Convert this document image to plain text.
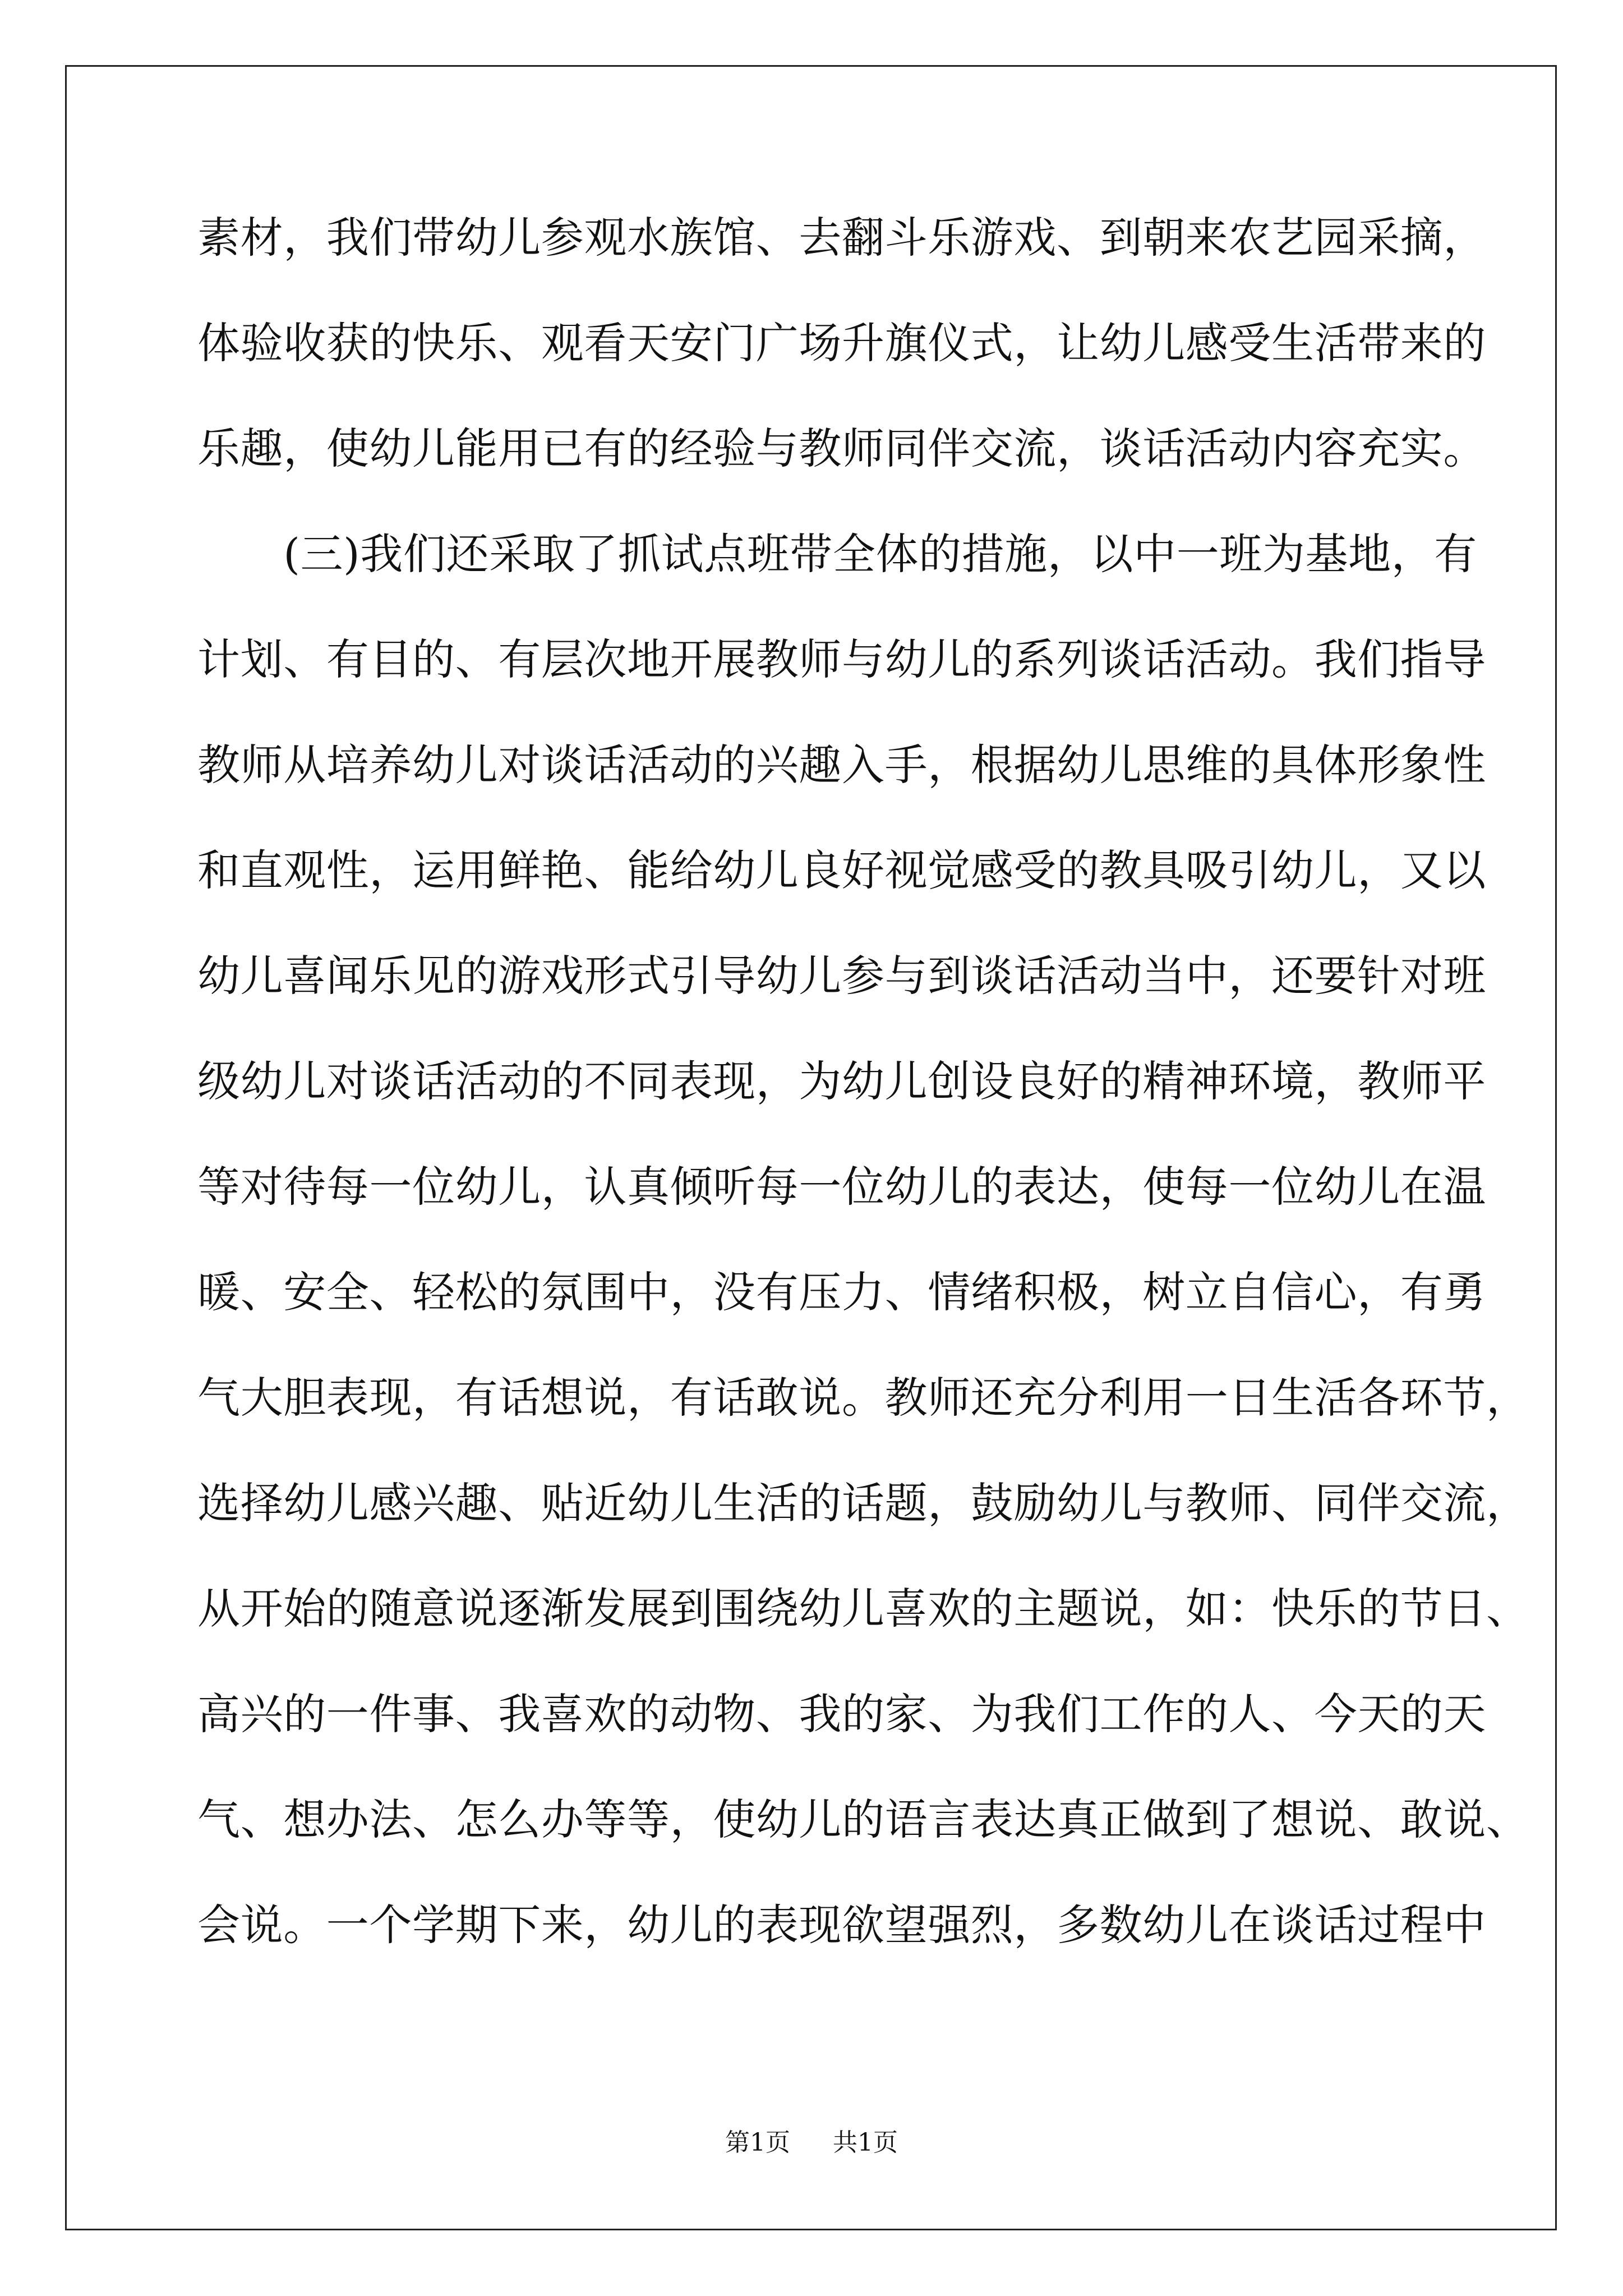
素材，我们带幼儿参观水族馆、去翻斗乐游戏、到朝来农艺园采摘，
体验收获的快乐、观看天安门广场升旗仪式，让幼儿感受生活带来的
乐趣，使幼儿能用已有的经验与教师同伴交流，谈话活动内容充实。
　　(三)我们还采取了抓试点班带全体的措施，以中一班为基地，有
计划、有目的、有层次地开展教师与幼儿的系列谈话活动。我们指导
教师从培养幼儿对谈话活动的兴趣入手，根据幼儿思维的具体形象性
和直观性，运用鲜艳、能给幼儿良好视觉感受的教具吸引幼儿，又以
幼儿喜闻乐见的游戏形式引导幼儿参与到谈话活动当中，还要针对班
级幼儿对谈话活动的不同表现，为幼儿创设良好的精神环境，教师平
等对待每一位幼儿，认真倾听每一位幼儿的表达，使每一位幼儿在温
暖、安全、轻松的氛围中，没有压力、情绪积极，树立自信心，有勇
气大胆表现，有话想说，有话敢说。教师还充分利用一日生活各环节，
选择幼儿感兴趣、贴近幼儿生活的话题，鼓励幼儿与教师、同伴交流，
从开始的随意说逐渐发展到围绕幼儿喜欢的主题说，如：快乐的节日、
高兴的一件事、我喜欢的动物、我的家、为我们工作的人、今天的天
气、想办法、怎么办等等，使幼儿的语言表达真正做到了想说、敢说、
会说。一个学期下来，幼儿的表现欲望强烈，多数幼儿在谈话过程中
第1页 共1页
